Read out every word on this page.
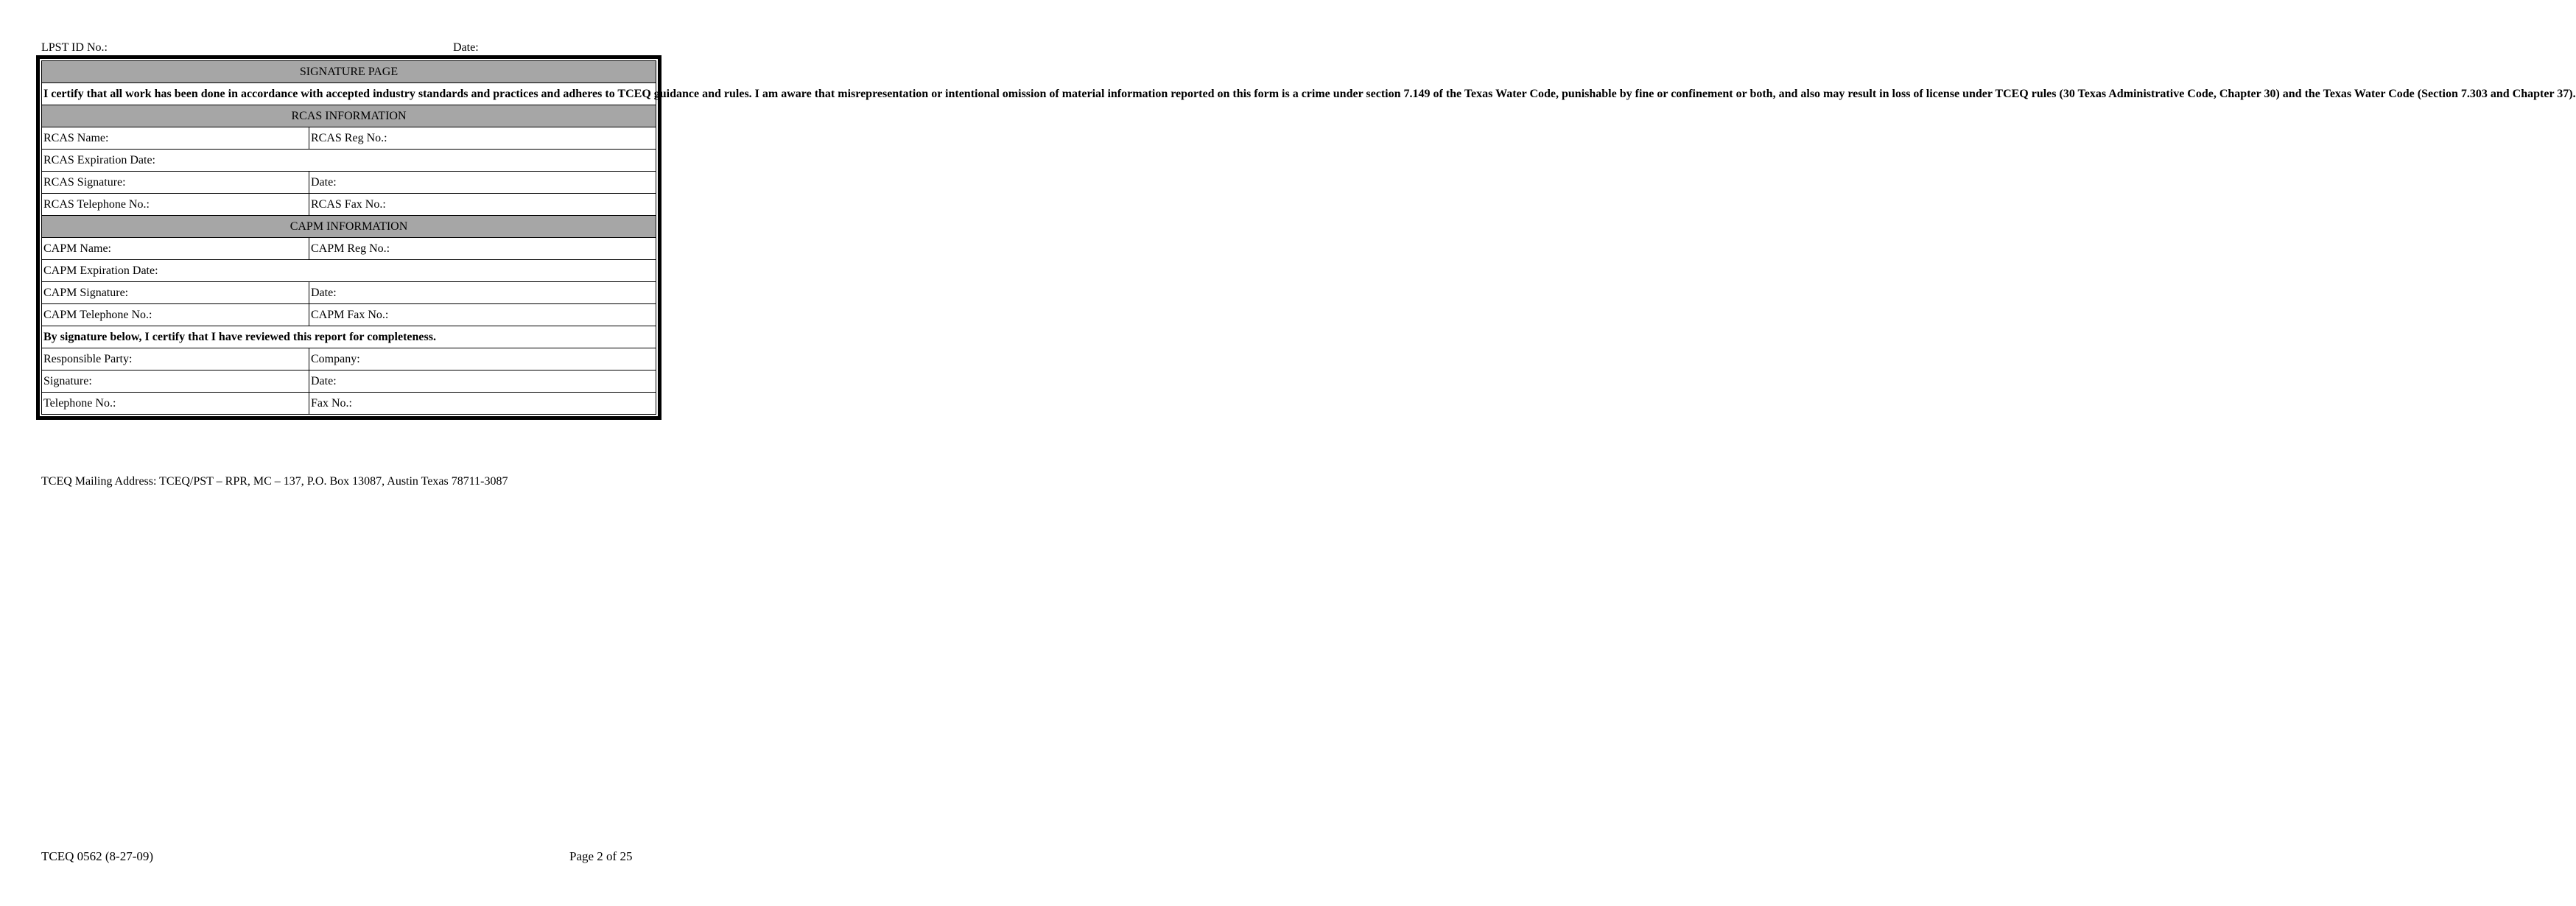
LPST ID No.:	Date:
SIGNATURE PAGE	
I certify that all work has been done in accordance with accepted industry standards and practices and adheres to TCEQ guidance and rules. I am aware that misrepresentation or intentional omission of material information reported on this form is a crime under section 7.149 of the Texas Water Code, punishable by fine or confinement or both, and also may result in loss of license under TCEQ rules (30 Texas Administrative Code, Chapter 30) and the Texas Water Code (Section 7.303 and Chapter 37).	
RCAS INFORMATION	
RCAS Name:	RCAS Reg No.:
RCAS Expiration Date:	
RCAS Signature:	Date:
RCAS Telephone No.:	RCAS Fax No.:
CAPM INFORMATION	
CAPM Name:	CAPM Reg No.:
CAPM Expiration Date:	
CAPM Signature:	Date:
CAPM Telephone No.:	CAPM Fax No.:
By signature below, I certify that I have reviewed this report for completeness.	
Responsible Party:	Company:
Signature:	Date:
Telephone No.:	Fax No.:
TCEQ Mailing Address: TCEQ/PST – RPR, MC – 137, P.O. Box 13087, Austin Texas 78711-3087
TCEQ 0562 (8-27-09)	Page 2 of 25
